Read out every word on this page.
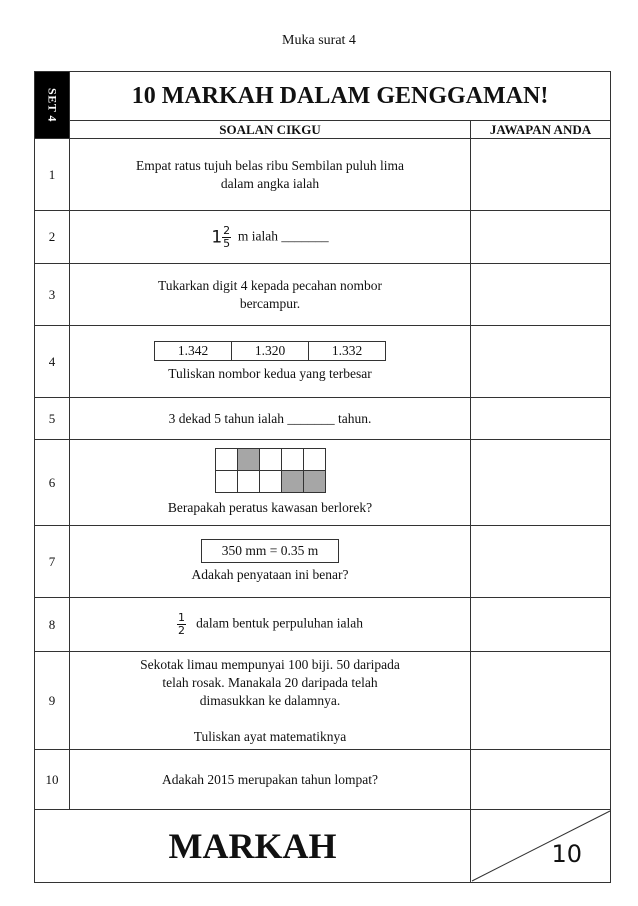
Muka surat 4
SET 4	10 MARKAH DALAM GENGGAMAN!	
	SOALAN CIKGU	JAWAPAN ANDA
1	Empat ratus tujuh belas ribu Sembilan puluh lima
dalam angka ialah	

2	$1 \frac{2}{5}$ m ialah _______	
3	Tukarkan digit 4 kepada pecahan nombor
bercampur.	

4	1.342 1.320 1.332
Tuliskan nombor kedua yang terbesar	

5	3 dekad 5 tahun ialah _______ tahun.	
6	Berapakah peratus kawasan berlorek?	

7	350 mm = 0.35 m
Adakah penyataan ini benar?	

8	$\frac{1}{2}$ dalam bentuk perpuluhan ialah	
9	Sekotak limau mempunyai 100 biji. 50 daripada
telah rosak. Manakala 20 daripada telah
dimasukkan ke dalamnya.
Tuliskan ayat matematiknya	

10	Adakah 2015 merupakan tahun lompat?	
MARKAH		10
